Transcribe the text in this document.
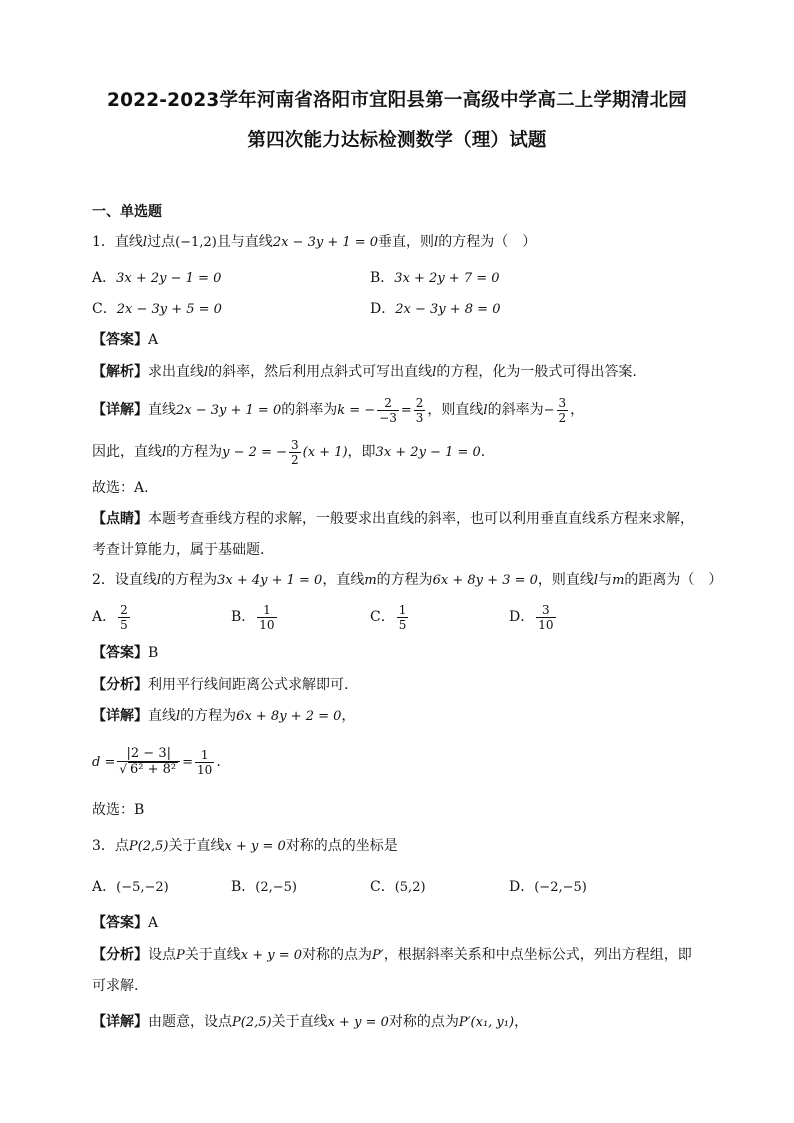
2022-2023学年河南省洛阳市宜阳县第一高级中学高二上学期清北园
第四次能力达标检测数学（理）试题
一、单选题
1．直线l过点(−1,2)且与直线2x − 3y + 1 = 0垂直，则l的方程为（　）
A．3x + 2y − 1 = 0	B．3x + 2y + 7 = 0
C．2x − 3y + 5 = 0	D．2x − 3y + 8 = 0
【答案】A
【解析】求出直线l的斜率，然后利用点斜式可写出直线l的方程，化为一般式可得出答案.
【详解】直线2x − 3y + 1 = 0的斜率为k = − $\frac{2}{-3} = \frac{2}{3}$ ，则直线l的斜率为− $\frac{3}{2}$ ，
因此，直线l的方程为y − 2 = − $\frac{3}{2} (x + 1)$，即3x + 2y − 1 = 0.
故选：A.
【点睛】本题考查垂线方程的求解，一般要求出直线的斜率，也可以利用垂直直线系方程来求解，
考查计算能力，属于基础题.
2．设直线l的方程为3x + 4y + 1 = 0，直线m的方程为6x + 8y + 3 = 0，则直线l与m的距离为（　）
A． $\frac{2}{5}$	B． $\frac{1}{10}$	C． $\frac{1}{5}$	D． $\frac{3}{10}$
【答案】B
【分析】利用平行线间距离公式求解即可.
【详解】直线l的方程为6x + 8y + 2 = 0，
$d = \frac{|2 - 3|}{\text{√ 6² + 8²}} = \frac{1}{10}$ .
故选：B
3．点P(2,5)关于直线x + y = 0对称的点的坐标是
A．(−5,−2)	B．(2,−5)	C．(5,2)	D．(−2,−5)
【答案】A
【分析】设点P关于直线x + y = 0对称的点为P′，根据斜率关系和中点坐标公式，列出方程组，即
可求解.
【详解】由题意，设点P(2,5)关于直线x + y = 0对称的点为P′(x₁, y₁)，
